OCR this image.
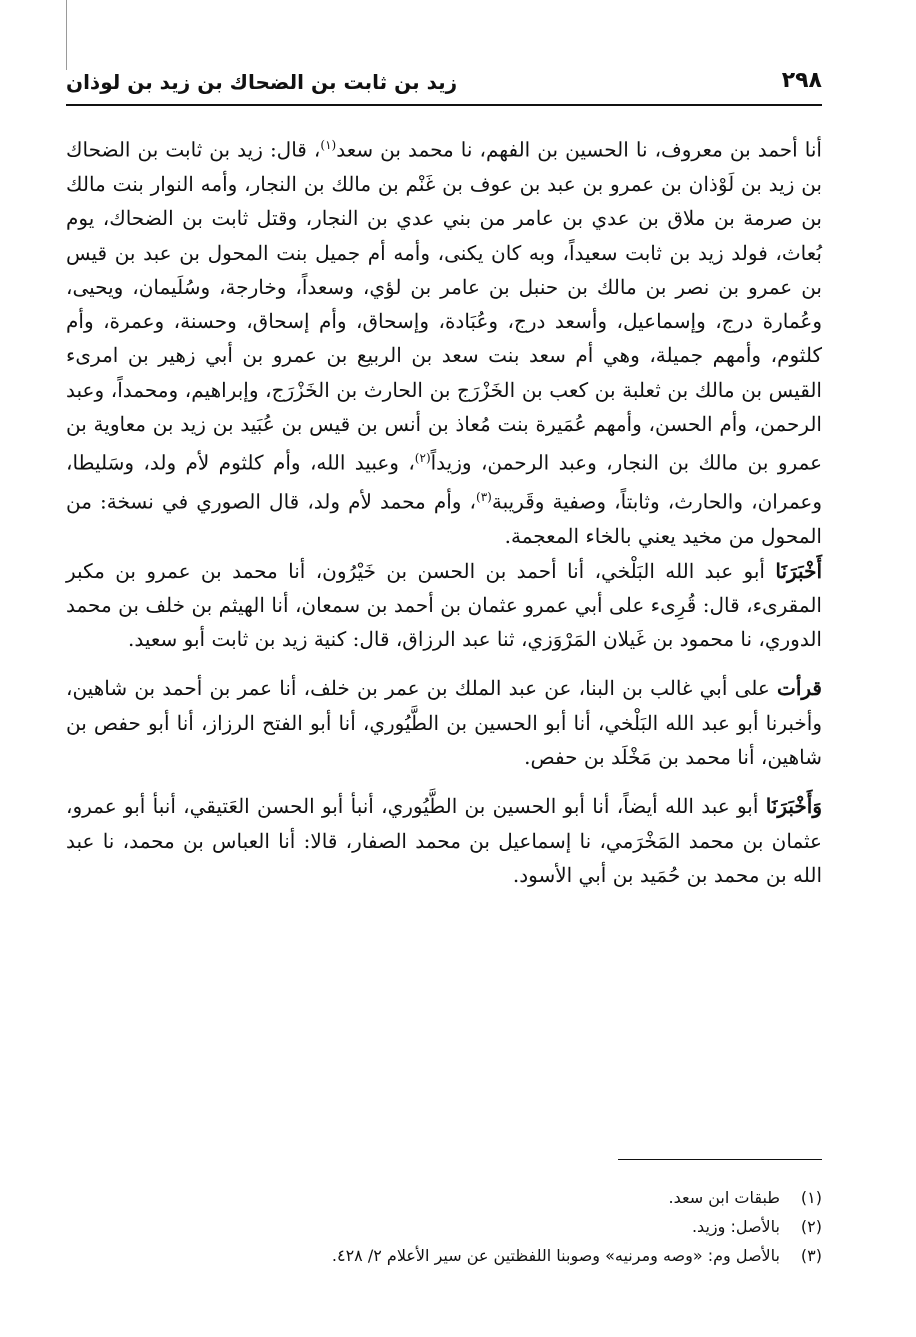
٢٩٨
زيد بن ثابت بن الضحاك بن زيد بن لوذان

أنا أحمد بن معروف، نا الحسين بن الفهم، نا محمد بن سعد$^{(١)}$، قال: زيد بن ثابت بن الضحاك بن زيد بن لَوْذان بن عمرو بن عبد بن عوف بن غَنْم بن مالك بن النجار، وأمه النوار بنت مالك بن صرمة بن ملاق بن عدي بن عامر من بني عدي بن النجار، وقتل ثابت بن الضحاك، يوم بُعاث، فولد زيد بن ثابت سعيداً، وبه كان يكنى، وأمه أم جميل بنت المحول بن عبد بن قيس بن عمرو بن نصر بن مالك بن حنبل بن عامر بن لؤي، وسعداً، وخارجة، وسُلَيمان، ويحيى، وعُمارة درج، وإسماعيل، وأسعد درج، وعُبَادة، وإسحاق، وأم إسحاق، وحسنة، وعمرة، وأم كلثوم، وأمهم جميلة، وهي أم سعد بنت سعد بن الربيع بن عمرو بن أبي زهير بن امرىء القيس بن مالك بن ثعلبة بن كعب بن الخَزْرَج بن الحارث بن الخَزْرَج، وإبراهيم، ومحمداً، وعبد الرحمن، وأم الحسن، وأمهم عُمَيرة بنت مُعاذ بن أنس بن قيس بن عُبَيد بن زيد بن معاوية بن عمرو بن مالك بن النجار، وعبد الرحمن، وزيداً$^{(٢)}$، وعبيد الله، وأم كلثوم لأم ولد، وسَليطا، وعمران، والحارث، وثابتاً، وصفية وقَريبة$^{(٣)}$، وأم محمد لأم ولد، قال الصوري في نسخة: من المحول من مخيد يعني بالخاء المعجمة.

أَخْبَرَنَا أبو عبد الله البَلْخي، أنا أحمد بن الحسن بن خَيْرُون، أنا محمد بن عمرو بن مكبر المقرىء، قال: قُرِىء على أبي عمرو عثمان بن أحمد بن سمعان، أنا الهيثم بن خلف بن محمد الدوري، نا محمود بن غَيلان المَرْوَزي، ثنا عبد الرزاق، قال: كنية زيد بن ثابت أبو سعيد.

قرأت على أبي غالب بن البنا، عن عبد الملك بن عمر بن خلف، أنا عمر بن أحمد بن شاهين، وأخبرنا أبو عبد الله البَلْخي، أنا أبو الحسين بن الطَّيُوري، أنا أبو الفتح الرزاز، أنا أبو حفص بن شاهين، أنا محمد بن مَخْلَد بن حفص.

وَأَخْبَرَنَا أبو عبد الله أيضاً، أنا أبو الحسين بن الطَّيُوري، أنبأ أبو الحسن العَتيقي، أنبأ أبو عمرو، عثمان بن محمد المَخْرَمي، نا إسماعيل بن محمد الصفار، قالا: أنا العباس بن محمد، نا عبد الله بن محمد بن حُمَيد بن أبي الأسود.

(١)طبقات ابن سعد.
(٢)بالأصل: وزيد.
(٣)بالأصل وم: «وصه ومرنيه» وصوبنا اللفظتين عن سير الأعلام ٢/ ٤٢٨.
